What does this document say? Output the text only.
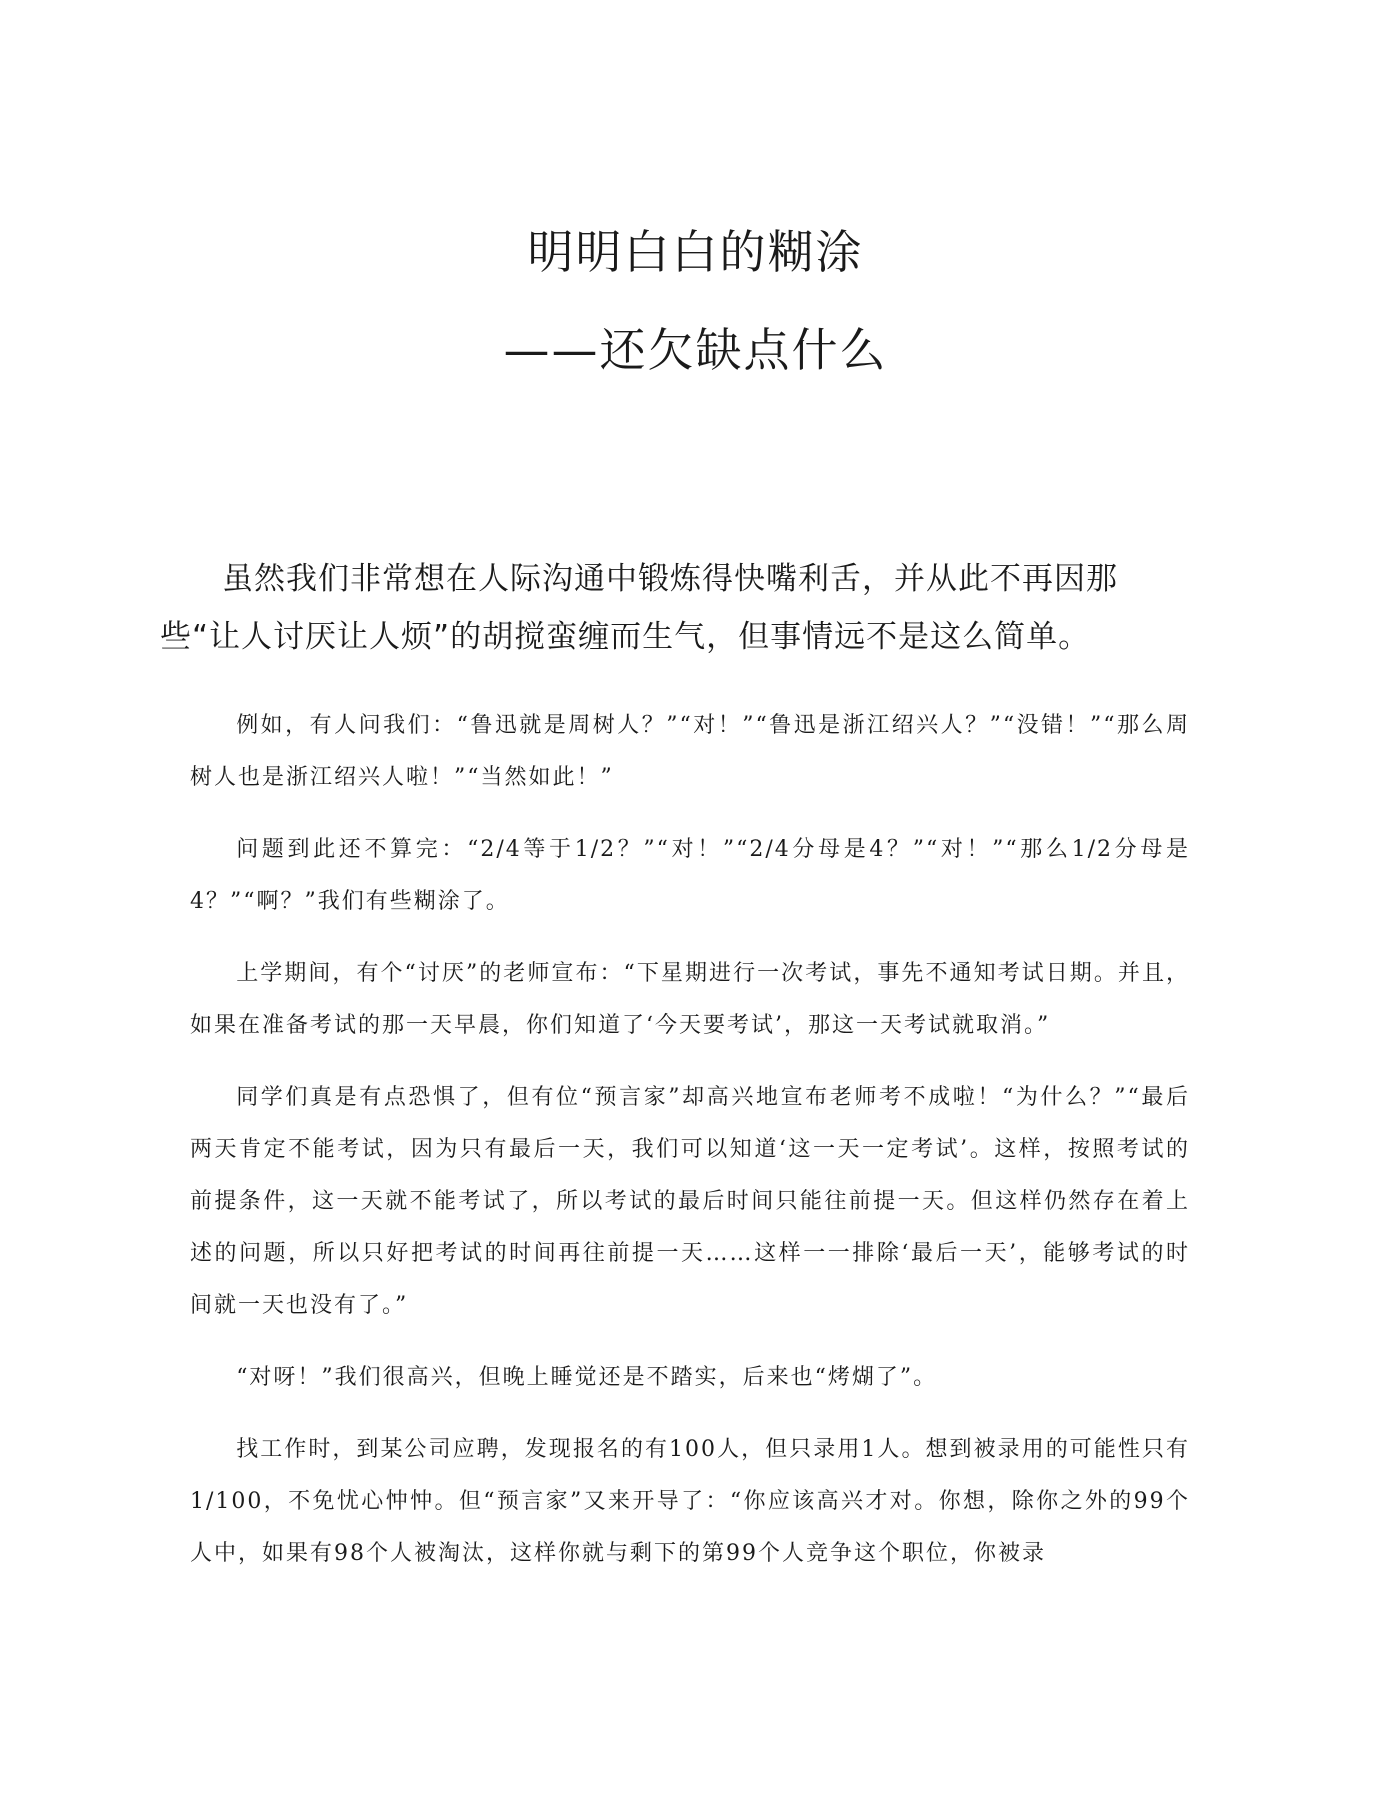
明明白白的糊涂
——还欠缺点什么

虽然我们非常想在人际沟通中锻炼得快嘴利舌，并从此不再因那些“让人讨厌让人烦”的胡搅蛮缠而生气，但事情远不是这么简单。

例如，有人问我们：“鲁迅就是周树人？”“对！”“鲁迅是浙江绍兴人？”“没错！”“那么周树人也是浙江绍兴人啦！”“当然如此！”

问题到此还不算完：“2/4等于1/2？”“对！”“2/4分母是4？”“对！”“那么1/2分母是4？”“啊？”我们有些糊涂了。

上学期间，有个“讨厌”的老师宣布：“下星期进行一次考试，事先不通知考试日期。并且，如果在准备考试的那一天早晨，你们知道了‘今天要考试’，那这一天考试就取消。”

同学们真是有点恐惧了，但有位“预言家”却高兴地宣布老师考不成啦！“为什么？”“最后两天肯定不能考试，因为只有最后一天，我们可以知道‘这一天一定考试’。这样，按照考试的前提条件，这一天就不能考试了，所以考试的最后时间只能往前提一天。但这样仍然存在着上述的问题，所以只好把考试的时间再往前提一天……这样一一排除‘最后一天’，能够考试的时间就一天也没有了。”

“对呀！”我们很高兴，但晚上睡觉还是不踏实，后来也“烤煳了”。

找工作时，到某公司应聘，发现报名的有100人，但只录用1人。想到被录用的可能性只有1/100，不免忧心忡忡。但“预言家”又来开导了：“你应该高兴才对。你想，除你之外的99个人中，如果有98个人被淘汰，这样你就与剩下的第99个人竞争这个职位，你被录
